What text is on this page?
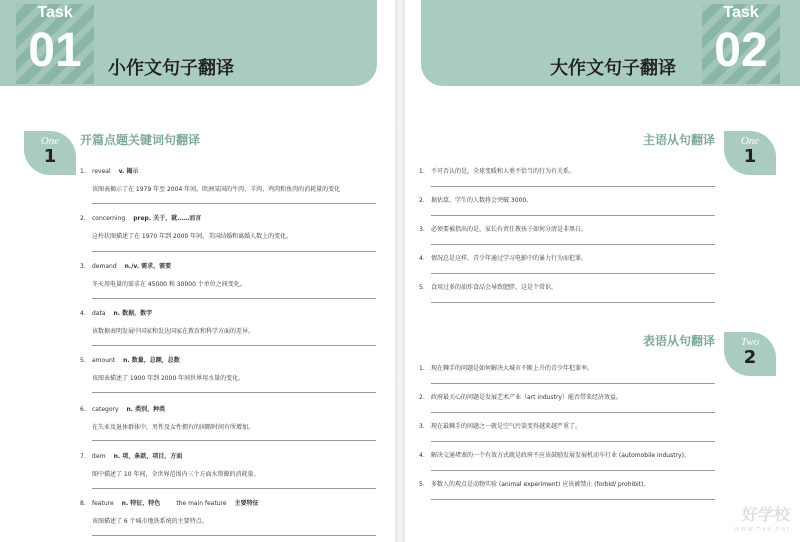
Task
01	小作文句子翻译
One
1
开篇点题关键词句翻译
1. reveal v. 揭示
该图表揭示了在 1979 年至 2004 年间，欧洲某国的牛肉、羊肉、鸡肉和鱼肉的消耗量的变化
2. concerning prep. 关于，就……而言
这柱状图描述了在 1970 年到 2000 年间，美国结婚和离婚人数上的变化。
3. demand n./v. 需求，需要
冬天用电量的需求在 45000 和 30000 个单位之间变化。
4. data n. 数据，数字
该数据表明发展中国家和发达国家在教育和科学方面的差异。
5. amount n. 数量，总额，总数
该图表描述了 1900 年到 2000 年间世界用水量的变化。
6. category n. 类别，种类
在失业及退休群体中，男性及女性拥有的闲暇时间有所增加。
7. item n. 项，条款，项目，方面
图中描述了 10 年间，全世界范围内三个方面水资源的消耗量。
8. feature n. 特征，特色	the main feature 主要特征
该图描述了 6 个城市地铁系统的主要特点。
大作文句子翻译
Task
02
主语从句翻译	One
1
1. 不可否认的是，全球变暖和人类不恰当的行为有关系。
2. 据估算，学生的人数将会突破 3000。
3. 必须要被指出的是，家长有责任教孩子如何分清是非黑白。
4. 情况总是这样，青少年通过学习电影中的暴力行为而犯罪。
5. 食用过多的油炸食品会导致肥胖，这是个常识。
表语从句翻译	Two
2
1. 现在棘手的问题是如何解决大城市不断上升的青少年犯罪率。
2. 政府最关心的问题是发展艺术产业（art industry）能否带来经济效益。
3. 现在最棘手的问题之一就是空气污染变得越来越严重了。
4. 解决交通堵塞的一个有效方式就是政府不应该鼓励发展发展机动车行业 (automobile industry)。
5. 多数人的观点是动物实验 (animal experiment) 应该被禁止 (forbid/ prohibit)。
好学校
www.hxx.net
